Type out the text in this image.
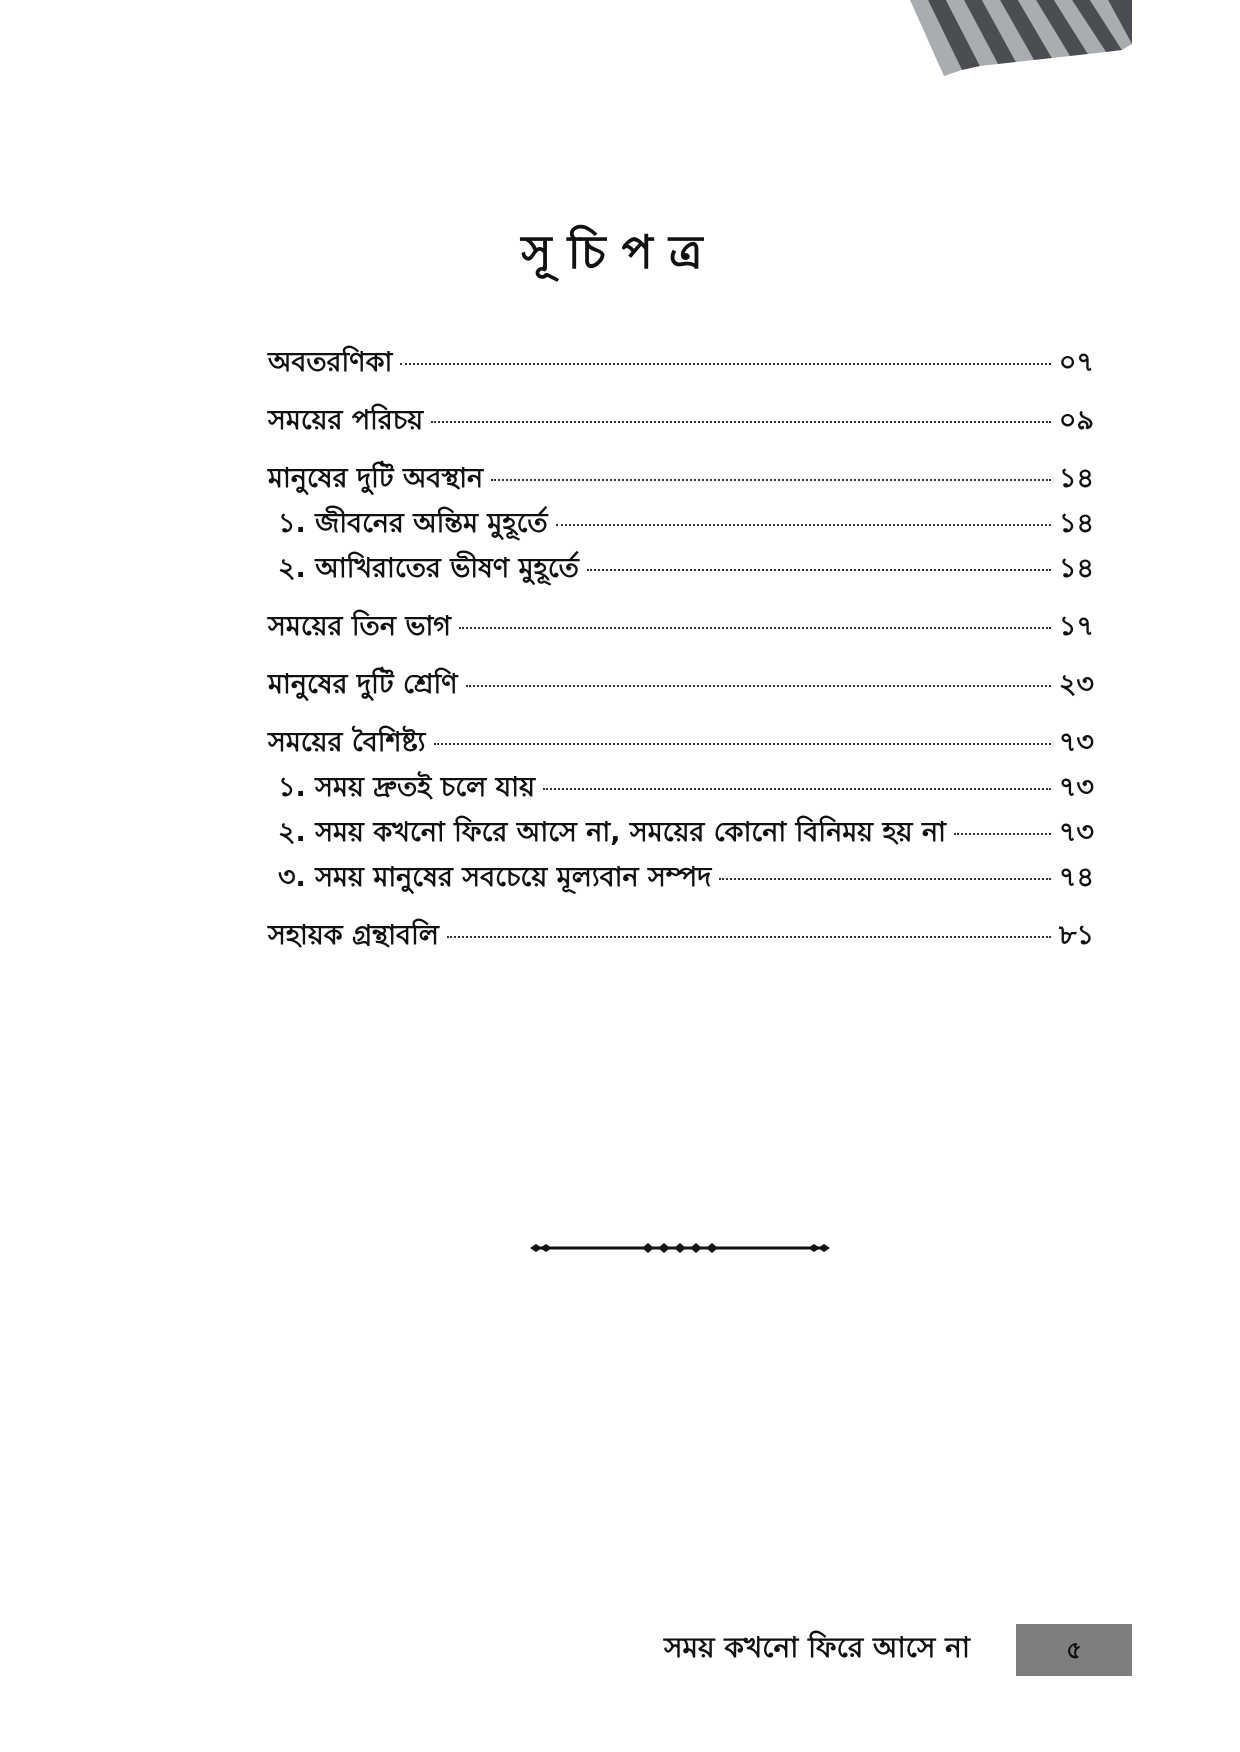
সূচিপত্র
অবতরণিকা	০৭
সময়ের পরিচয়	০৯
মানুষের দুটি অবস্থান	১৪
১. জীবনের অন্তিম মুহূর্তে	১৪
২. আখিরাতের ভীষণ মুহূর্তে	১৪
সময়ের তিন ভাগ	১৭
মানুষের দুটি শ্রেণি	২৩
সময়ের বৈশিষ্ট্য	৭৩
১. সময় দ্রুতই চলে যায়	৭৩
২. সময় কখনো ফিরে আসে না, সময়ের কোনো বিনিময় হয় না	৭৩
৩. সময় মানুষের সবচেয়ে মূল্যবান সম্পদ	৭৪
সহায়ক গ্রন্থাবলি	৮১

সময় কখনো ফিরে আসে না	৫
